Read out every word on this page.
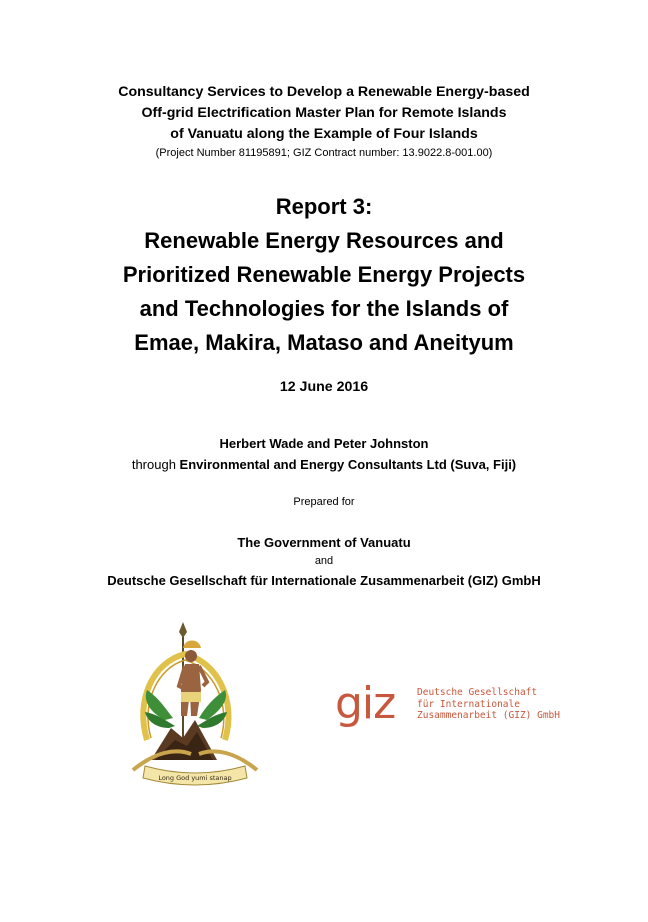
Consultancy Services to Develop a Renewable Energy-based
Off-grid Electrification Master Plan for Remote Islands
of Vanuatu along the Example of Four Islands
(Project Number 81195891; GIZ Contract number: 13.9022.8-001.00)
Report 3:
Renewable Energy Resources and
Prioritized Renewable Energy Projects
and Technologies for the Islands of
Emae, Makira, Mataso and Aneityum
12 June 2016
Herbert Wade and Peter Johnston
through Environmental and Energy Consultants Ltd (Suva, Fiji)
Prepared for
The Government of Vanuatu
and
Deutsche Gesellschaft für Internationale Zusammenarbeit (GIZ) GmbH
Long God yumi stanap
giz Deutsche Gesellschaft
für Internationale
Zusammenarbeit (GIZ) GmbH
